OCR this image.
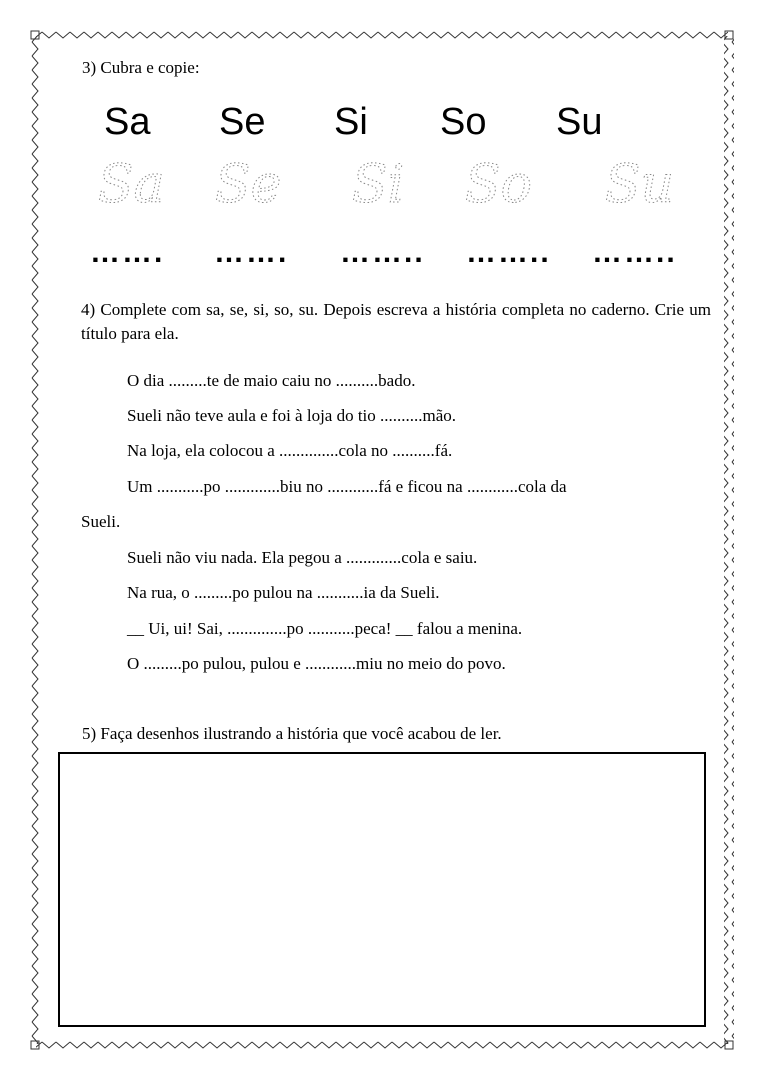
3) Cubra e copie:
Sa Se Si So Su
Sa Se Si So Su
……. ……. …….. …….. ……..
4) Complete com sa, se, si, so, su. Depois escreva a história completa no caderno. Crie um título para ela.
O dia .........te de maio caiu no ..........bado.
Sueli não teve aula e foi à loja do tio ..........mão.
Na loja, ela colocou a ..............cola no ..........fá.
Um ...........po .............biu no ............fá e ficou na ............cola da
Sueli.
Sueli não viu nada. Ela pegou a .............cola e saiu.
Na rua, o .........po pulou na ...........ia da Sueli.
__ Ui, ui! Sai, ..............po ...........peca! __ falou a menina.
O .........po pulou, pulou e ............miu no meio do povo.
5) Faça desenhos ilustrando a história que você acabou de ler.
